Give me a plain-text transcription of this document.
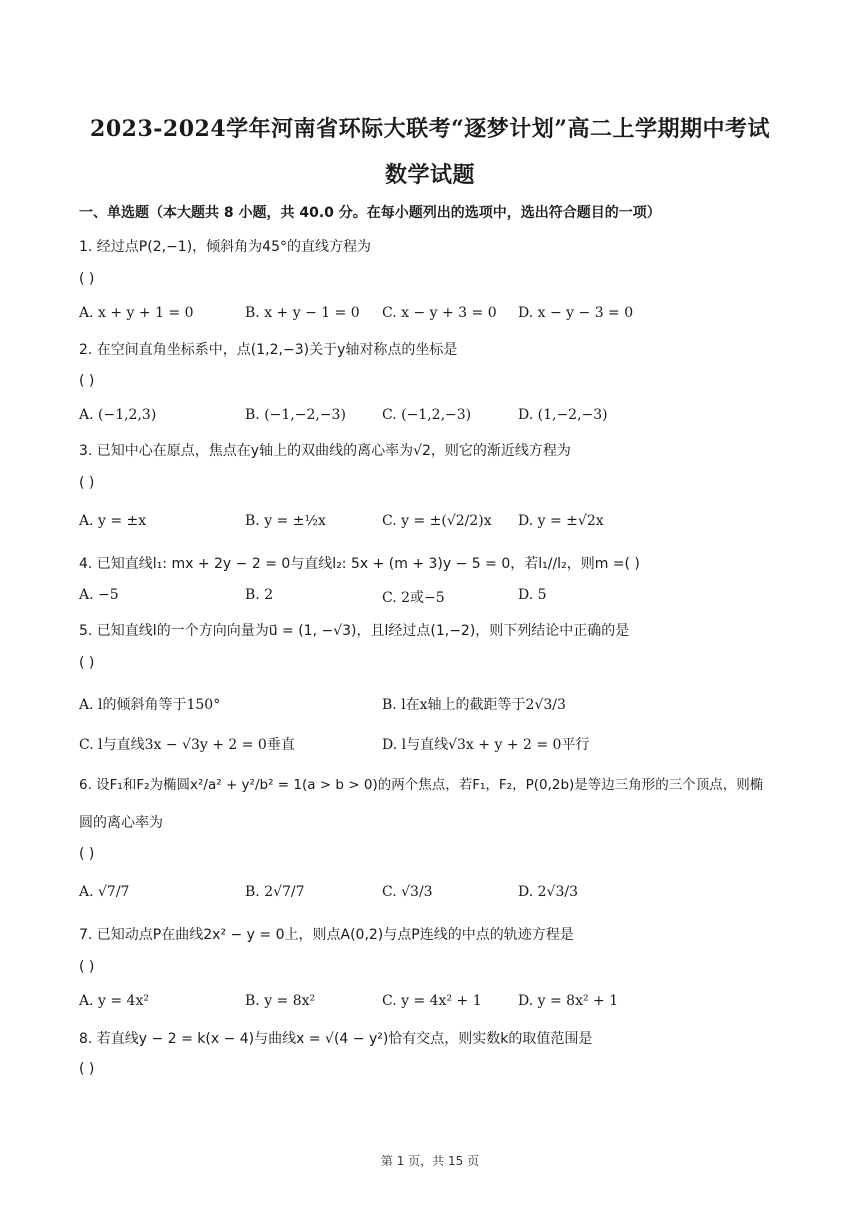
2023-2024学年河南省环际大联考“逐梦计划”高二上学期期中考试
数学试题
一、单选题（本大题共 8 小题，共 40.0 分。在每小题列出的选项中，选出符合题目的一项）
1. 经过点P(2,−1)，倾斜角为45°的直线方程为
( )
A. x + y + 1 = 0	B. x + y − 1 = 0 C. x − y + 3 = 0 D. x − y − 3 = 0
2. 在空间直角坐标系中，点(1,2,−3)关于y轴对称点的坐标是
( )
A. (−1,2,3)	B. (−1,−2,−3)	C. (−1,2,−3)	D. (1,−2,−3)
3. 已知中心在原点，焦点在y轴上的双曲线的离心率为√2，则它的渐近线方程为
( )
A. y = ±x	B. y = ±½x	C. y = ±(√2/2)x D. y = ±√2x
4. 已知直线l₁: mx + 2y − 2 = 0与直线l₂: 5x + (m + 3)y − 5 = 0，若l₁//l₂，则m =( )
A. −5	B. 2	C. 2或−5	D. 5
5. 已知直线l的一个方向向量为u⃗ = (1, −√3)，且l经过点(1,−2)，则下列结论中正确的是
( )
A. l的倾斜角等于150°	B. l在x轴上的截距等于2√3/3
C. l与直线3x − √3y + 2 = 0垂直	D. l与直线√3x + y + 2 = 0平行
6. 设F₁和F₂为椭圆x²/a² + y²/b² = 1(a > b > 0)的两个焦点，若F₁，F₂，P(0,2b)是等边三角形的三个顶点，则椭
圆的离心率为
( )
A. √7/7	B. 2√7/7	C. √3/3	D. 2√3/3
7. 已知动点P在曲线2x² − y = 0上，则点A(0,2)与点P连线的中点的轨迹方程是
( )
A. y = 4x²	B. y = 8x²	C. y = 4x² + 1	D. y = 8x² + 1
8. 若直线y − 2 = k(x − 4)与曲线x = √(4 − y²)恰有交点，则实数k的取值范围是
( )
第 1 页，共 15 页
